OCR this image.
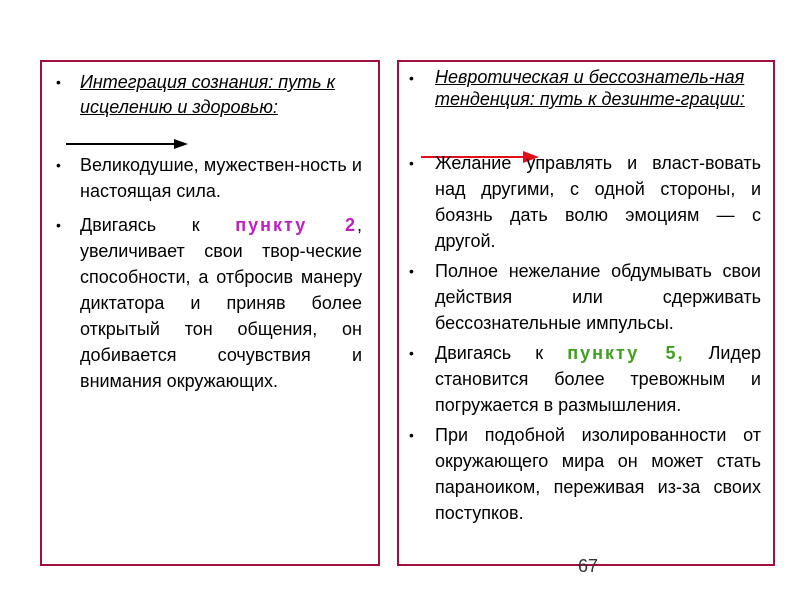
• Интеграция сознания: путь к исцелению и здоровью:
• Великодушие, мужествен-ность и настоящая сила.
• Двигаясь к пункту 2, увеличивает свои твор-ческие способности, а отбросив манеру диктатора и приняв более открытый тон общения, он добивается сочувствия и внимания окружающих.
• Невротическая и бессознатель-ная тенденция: путь к дезинте-грации:
• Желание управлять и власт-вовать над другими, с одной стороны, и боязнь дать волю эмоциям — с другой.
• Полное нежелание обдумывать свои действия или сдерживать бессознательные импульсы.
• Двигаясь к пункту 5, Лидер становится более тревожным и погружается в размышления.
• При подобной изолированности от окружающего мира он может стать параноиком, переживая из-за своих поступков.
67
